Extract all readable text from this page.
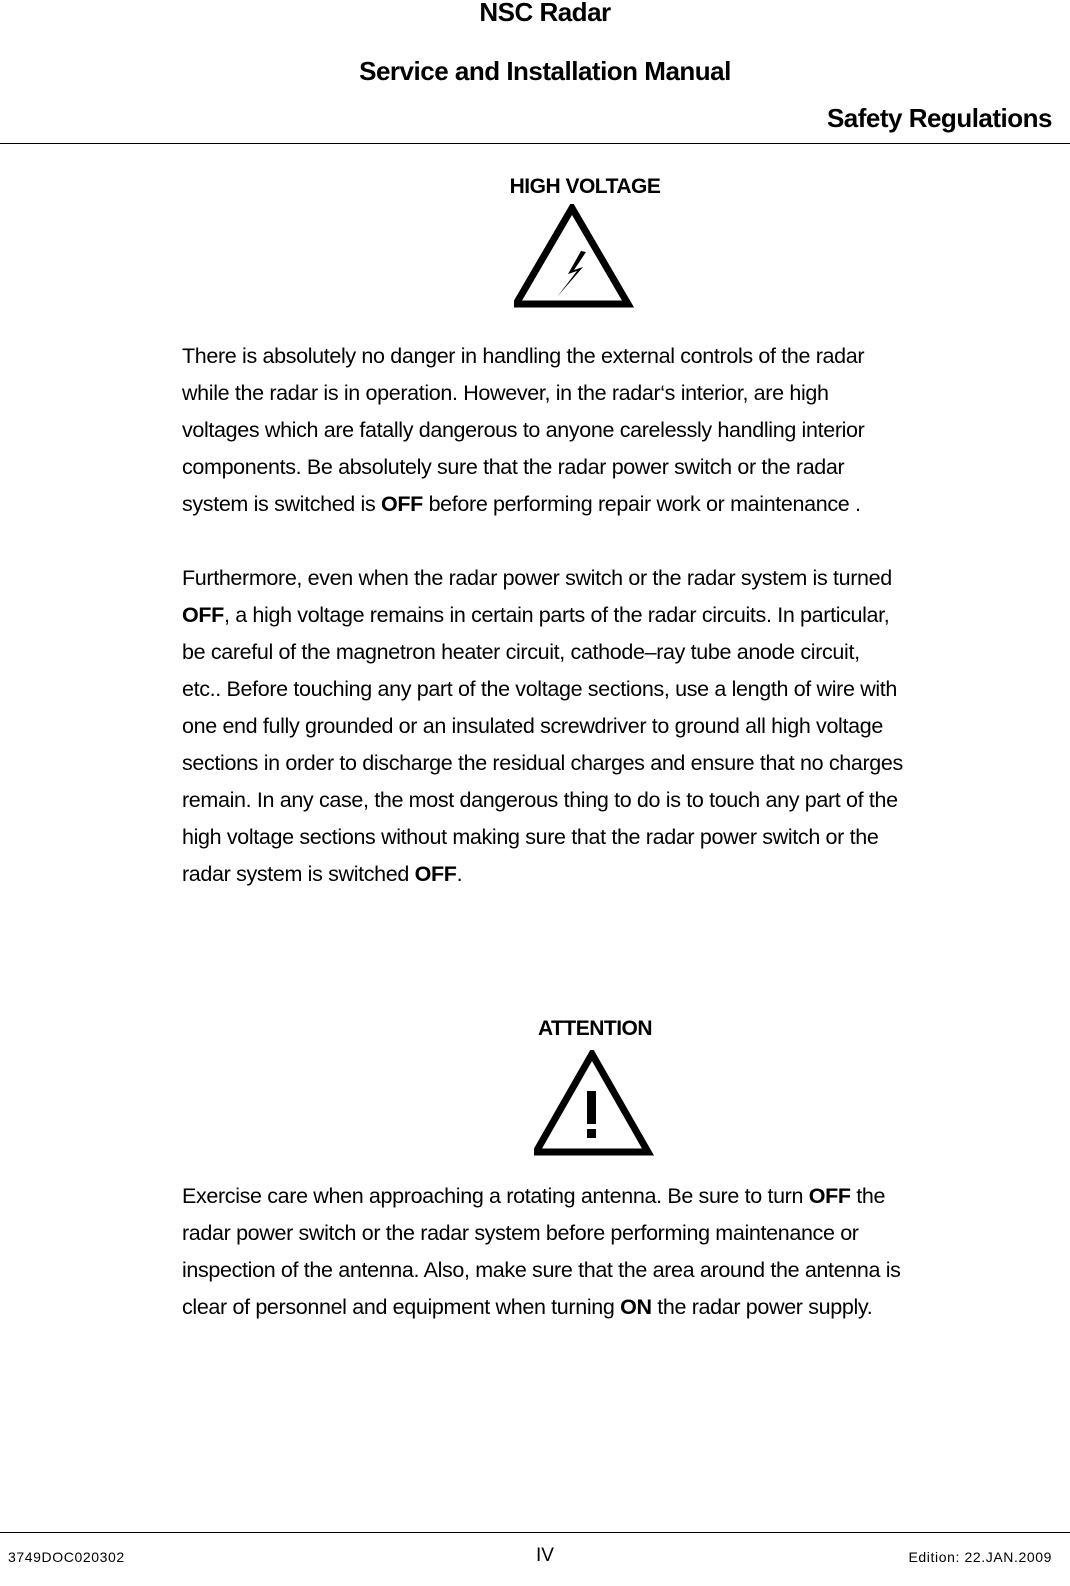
NSC Radar
Service and Installation Manual
Safety Regulations
HIGH VOLTAGE
There is absolutely no danger in handling the external controls of the radar
while the radar is in operation. However, in the radar‘s interior, are high
voltages which are fatally dangerous to anyone carelessly handling interior
components. Be absolutely sure that the radar power switch or the radar
system is switched is OFF before performing repair work or maintenance .
Furthermore, even when the radar power switch or the radar system is turned
OFF, a high voltage remains in certain parts of the radar circuits. In particular,
be careful of the magnetron heater circuit, cathode–ray tube anode circuit,
etc.. Before touching any part of the voltage sections, use a length of wire with
one end fully grounded or an insulated screwdriver to ground all high voltage
sections in order to discharge the residual charges and ensure that no charges
remain. In any case, the most dangerous thing to do is to touch any part of the
high voltage sections without making sure that the radar power switch or the
radar system is switched OFF.
ATTENTION
Exercise care when approaching a rotating antenna. Be sure to turn OFF the
radar power switch or the radar system before performing maintenance or
inspection of the antenna. Also, make sure that the area around the antenna is
clear of personnel and equipment when turning ON the radar power supply.
3749DOC020302	IV	Edition: 22.JAN.2009
